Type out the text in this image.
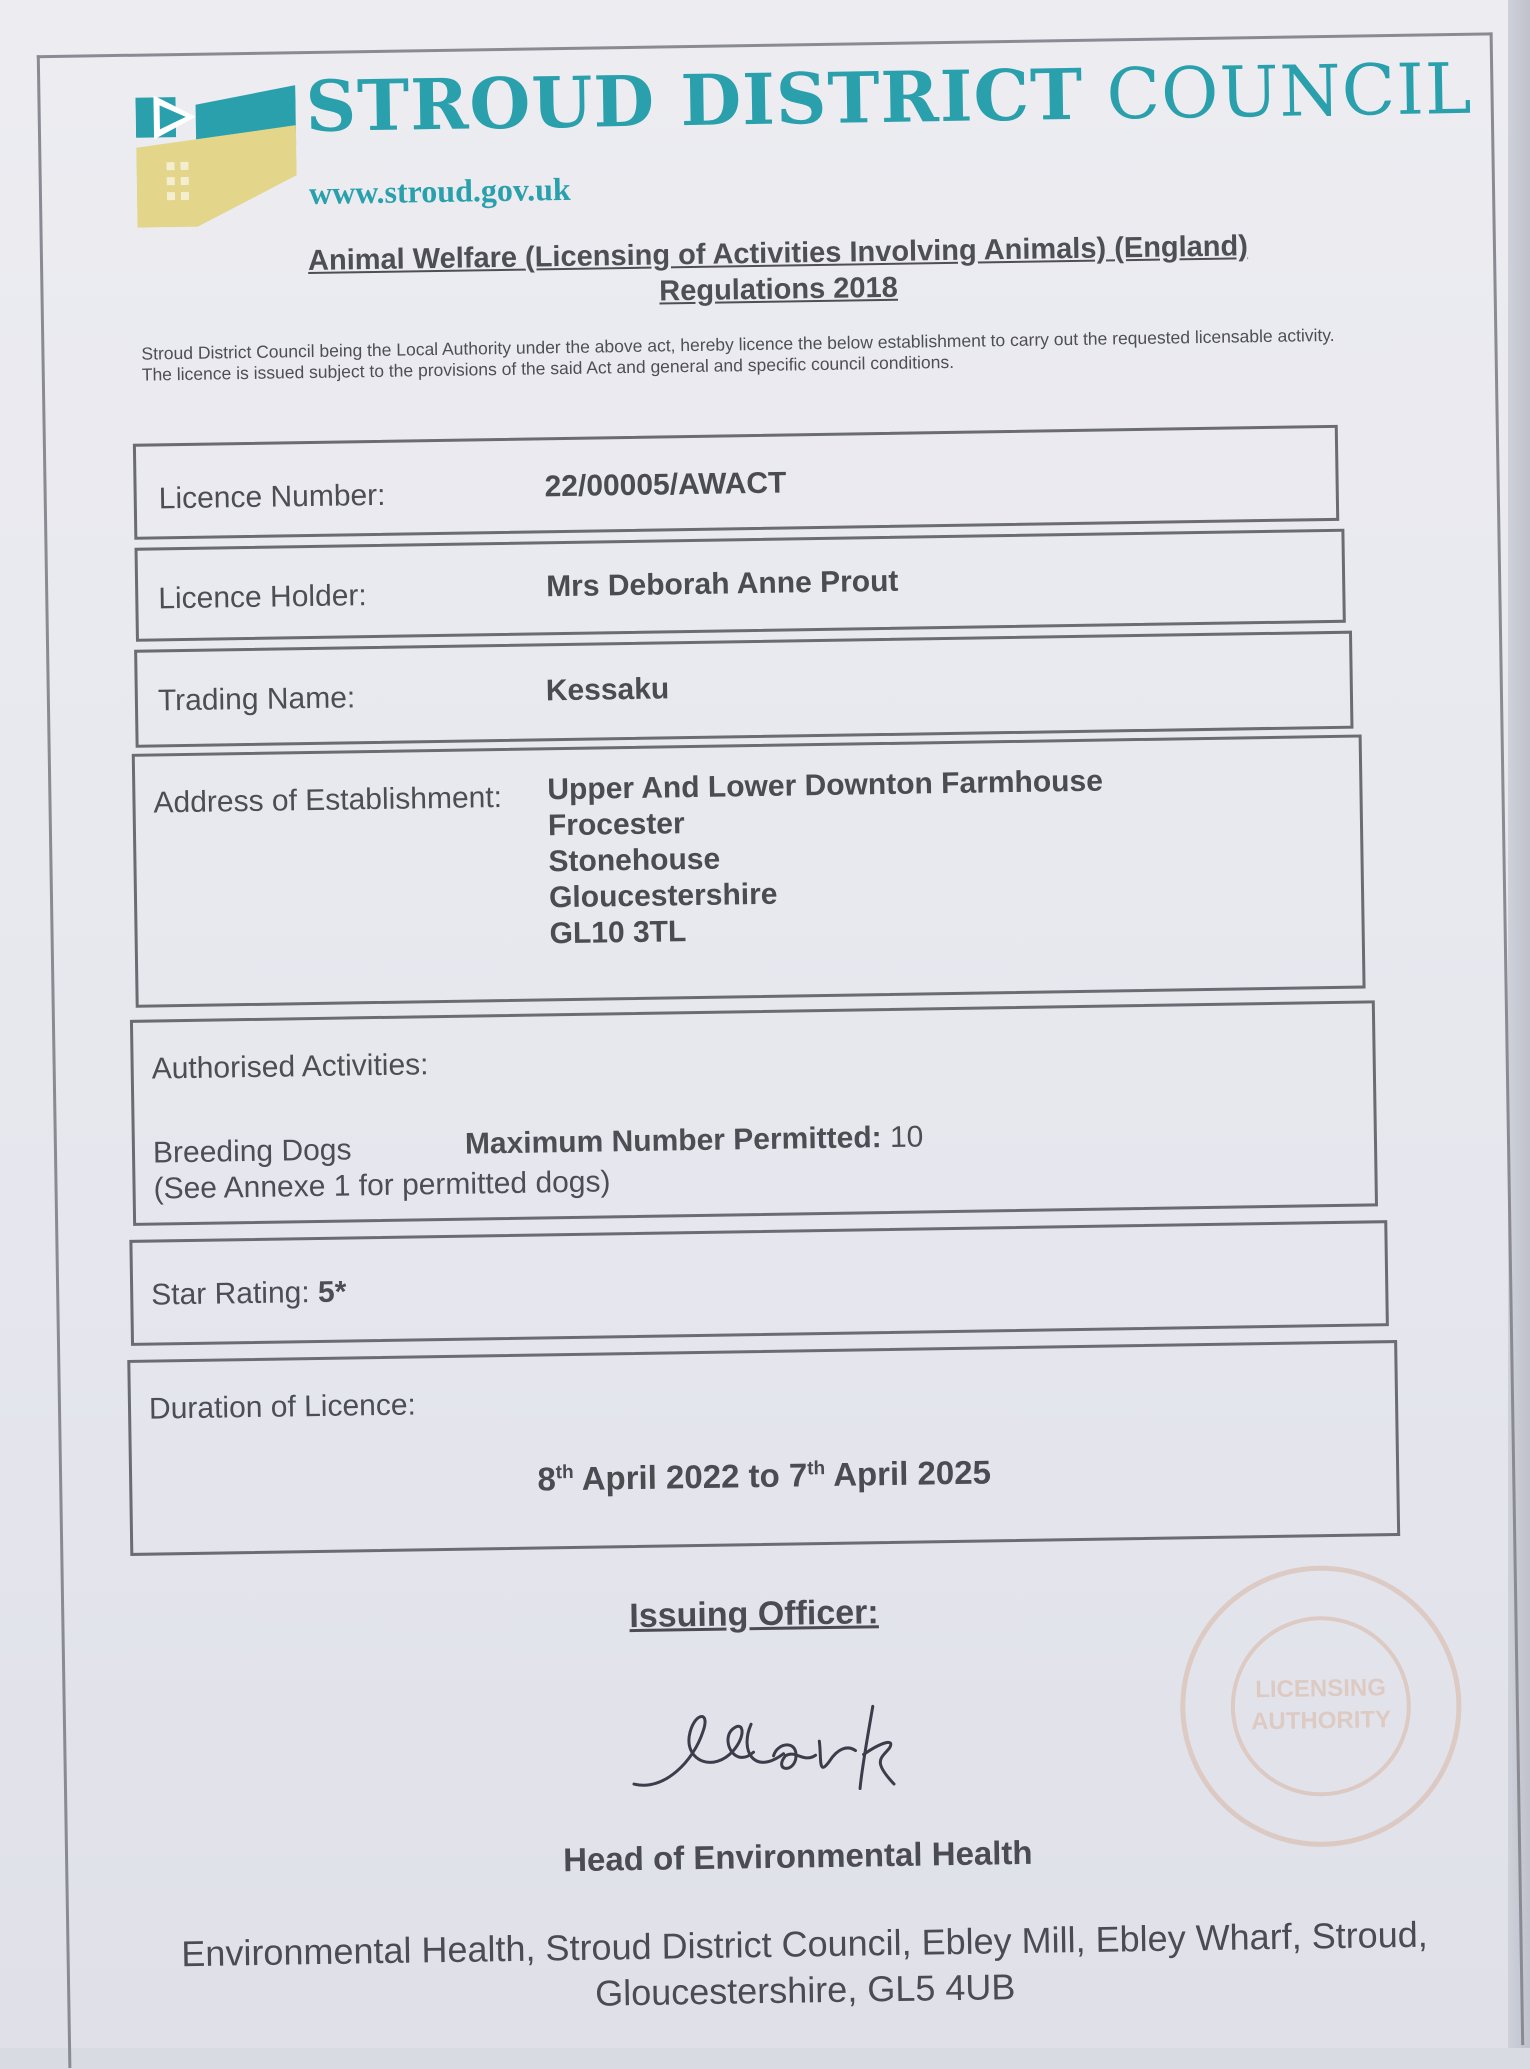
STROUD DISTRICT COUNCIL
www.stroud.gov.uk
Animal Welfare (Licensing of Activities Involving Animals) (England)
Regulations 2018
Stroud District Council being the Local Authority under the above act, hereby licence the below establishment to carry out the requested licensable activity. The licence is issued subject to the provisions of the said Act and general and specific council conditions.
Licence Number:	22/00005/AWACT
Licence Holder:	Mrs Deborah Anne Prout
Trading Name:	Kessaku
Address of Establishment: Upper And Lower Downton Farmhouse
Frocester
Stonehouse
Gloucestershire
GL10 3TL
Authorised Activities:
Breeding Dogs	Maximum Number Permitted: 10
(See Annexe 1 for permitted dogs)
Star Rating: 5*
Duration of Licence:
8th April 2022 to 7th April 2025
Issuing Officer:
Head of Environmental Health
LICENSING
AUTHORITY
Environmental Health, Stroud District Council, Ebley Mill, Ebley Wharf, Stroud,
Gloucestershire, GL5 4UB
